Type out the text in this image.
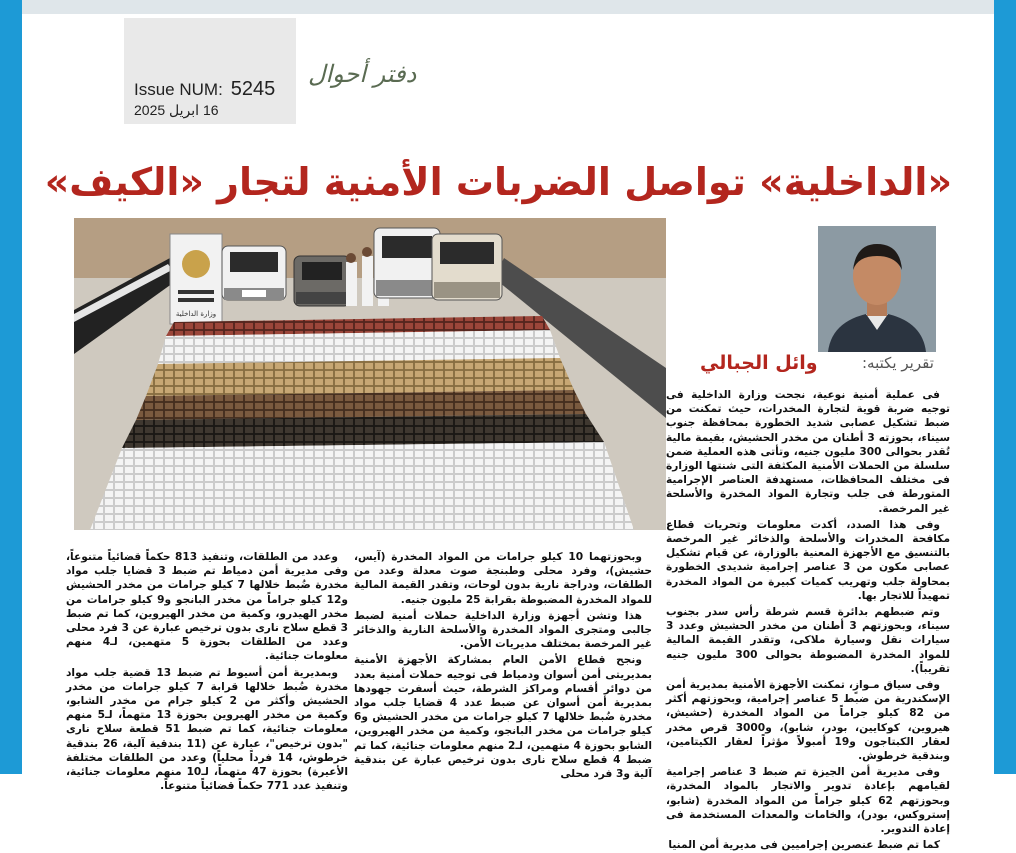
Issue NUM: 5245
16 ابريل 2025
دفتر أحوال
«الداخلية» تواصل الضربات الأمنية لتجار «الكيف»
وزارة الداخلية
تقرير يكتبه:
وائل الجبالي

فى عملية أمنية نوعية، نجحت وزارة الداخلية فى توجيه ضربة قوية لتجارة المخدرات، حيث تمكنت من ضبط تشكيل عصابى شديد الخطورة بمحافظة جنوب سيناء، بحوزته 3 أطنان من مخدر الحشيش، بقيمة مالية تُقدر بحوالى 300 مليون جنيه، وتأتى هذه العملية ضمن سلسلة من الحملات الأمنية المكثفة التى شنتها الوزارة فى مختلف المحافظات، مستهدفة العناصر الإجرامية المتورطة فى جلب وتجارة المواد المخدرة والأسلحة غير المرخصة.

وفى هذا الصدد، أكدت معلومات وتحريات قطاع مكافحة المخدرات والأسلحة والذخائر غير المرخصة بالتنسيق مع الأجهزة المعنية بالوزارة، عن قيام تشكيل عصابى مكون من 3 عناصر إجرامية شديدى الخطورة بمحاولة جلب وتهريب كميات كبيرة من المواد المخدرة تمهيداً للاتجار بها.

وتم ضبطهم بدائرة قسم شرطة رأس سدر بجنوب سيناء، وبحوزتهم 3 أطنان من مخدر الحشيش وعدد 3 سيارات نقل وسيارة ملاكى، وتقدر القيمة المالية للمواد المخدرة المضبوطة بحوالى 300 مليون جنيه تقريباً).

وفى سياق مـوازٍ، تمكنت الأجهزة الأمنية بمديرية أمن الإسكندرية من ضبط 5 عناصر إجرامية، وبحوزتهم أكثر من 82 كيلو جراماً من المواد المخدرة (حشيش، هيروين، كوكايين، بودر، شابو)، و3000 قرص مخدر لعقار الكبتاجون و19 أمبولاً مؤثراً لعقار الكيتامين، وبندقية خرطوش.

وفى مديرية أمن الجيزة تم ضبط 3 عناصر إجرامية لقيامهم بإعادة تدوير والاتجار بالمواد المخدرة، وبحوزتهم 62 كيلو جراماً من المواد المخدرة (شابو، إستروكس، بودر)، والخامات والمعدات المستخدمة فى إعادة التدوير.

كما تم ضبط عنصرين إجراميين فى مديرية أمن المنيا

وبحوزتهما 10 كيلو جرامات من المواد المخدرة (آيس، حشيش)، وفرد محلى وطبنجة صوت معدلة وعدد من الطلقات، ودراجة نارية بدون لوحات، وتقدر القيمة المالية للمواد المخدرة المضبوطة بقرابة 25 مليون جنيه.

هذا وتشن أجهزة وزارة الداخلية حملات أمنية لضبط جالبى ومتجرى المواد المخدرة والأسلحة النارية والذخائر غير المرخصة بمختلف مديريات الأمن.

ونجح قطاع الأمن العام بمشاركة الأجهزة الأمنية بمديريتى أمن أسوان ودمياط فى توجيه حملات أمنية بعدد من دوائر أقسام ومراكز الشرطة، حيث أسفرت جهودها بمديرية أمن أسوان عن ضبط عدد 4 قضايا جلب مواد مخدرة ضُبط خلالها 7 كيلو جرامات من مخدر الحشيش و6 كيلو جرامات من مخدر البانجو، وكمية من مخدر الهيروين، الشابو بحوزة 4 متهمين، لـ2 منهم معلومات جنائية، كما تم ضبط 4 قطع سلاح نارى بدون ترخيص عبارة عن بندقية آلية و3 فرد محلى

وعدد من الطلقات، وتنفيذ 813 حكماً قضائياً متنوعاً، وفى مديرية أمن دمياط تم ضبط 3 قضايا جلب مواد مخدرة ضُبط خلالها 7 كيلو جرامات من مخدر الحشيش و12 كيلو جراماً من مخدر البانجو و9 كيلو جرامات من مخدر الهيدرو، وكمية من مخدر الهيروين، كما تم ضبط 3 قطع سلاح نارى بدون ترخيص عبارة عن 3 فرد محلى وعدد من الطلقات بحوزة 5 متهمين، لـ4 منهم معلومات جنائية.

وبمديرية أمن أسيوط تم ضبط 13 قضية جلب مواد مخدرة ضُبط خلالها قرابة 7 كيلو جرامات من مخدر الحشيش وأكثر من 2 كيلو جرام من مخدر الشابو، وكمية من مخدر الهيروين بحوزة 13 متهماً، لـ5 منهم معلومات جنائية، كما تم ضبط 51 قطعة سلاح نارى "بدون ترخيص"، عبارة عن (11 بندقية آلية، 26 بندقية خرطوش، 14 فرداً محلياً) وعدد من الطلقات مختلفة الأعيرة) بحوزة 47 متهماً، لـ10 منهم معلومات جنائية، وتنفيذ عدد 771 حكماً قضائياً متنوعاً.
